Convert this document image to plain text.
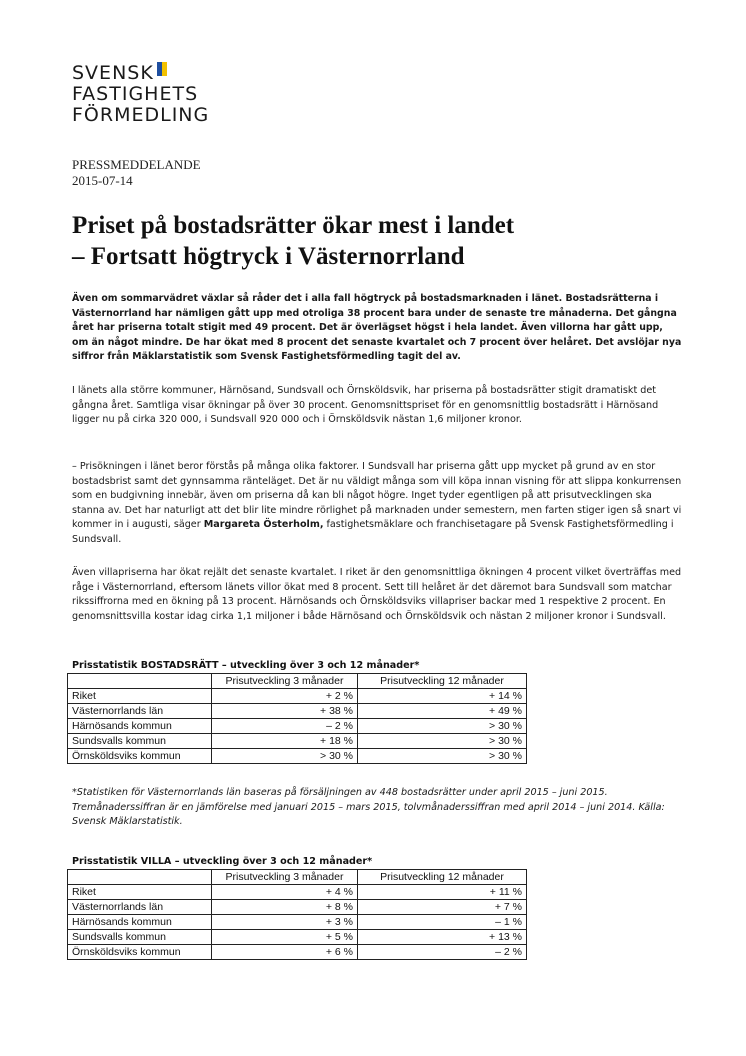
SVENSK
FASTIGHETS
FÖRMEDLING
PRESSMEDDELANDE
2015-07-14
Priset på bostadsrätter ökar mest i landet
– Fortsatt högtryck i Västernorrland

Även om sommarvädret växlar så råder det i alla fall högtryck på bostadsmarknaden i länet. Bostadsrätterna i Västernorrland har nämligen gått upp med otroliga 38 procent bara under de senaste tre månaderna. Det gångna året har priserna totalt stigit med 49 procent. Det är överlägset högst i hela landet. Även villorna har gått upp, om än något mindre. De har ökat med 8 procent det senaste kvartalet och 7 procent över helåret. Det avslöjar nya siffror från Mäklarstatistik som Svensk Fastighetsförmedling tagit del av.

I länets alla större kommuner, Härnösand, Sundsvall och Örnsköldsvik, har priserna på bostadsrätter stigit dramatiskt det gångna året. Samtliga visar ökningar på över 30 procent. Genomsnittspriset för en genomsnittlig bostadsrätt i Härnösand ligger nu på cirka 320 000, i Sundsvall 920 000 och i Örnsköldsvik nästan 1,6 miljoner kronor.

– Prisökningen i länet beror förstås på många olika faktorer. I Sundsvall har priserna gått upp mycket på grund av en stor bostadsbrist samt det gynnsamma ränteläget. Det är nu väldigt många som vill köpa innan visning för att slippa konkurrensen som en budgivning innebär, även om priserna då kan bli något högre. Inget tyder egentligen på att prisutvecklingen ska stanna av. Det har naturligt att det blir lite mindre rörlighet på marknaden under semestern, men farten stiger igen så snart vi kommer in i augusti, säger Margareta Österholm, fastighetsmäklare och franchisetagare på Svensk Fastighetsförmedling i Sundsvall.

Även villapriserna har ökat rejält det senaste kvartalet. I riket är den genomsnittliga ökningen 4 procent vilket överträffas med råge i Västernorrland, eftersom länets villor ökat med 8 procent. Sett till helåret är det däremot bara Sundsvall som matchar rikssiffrorna med en ökning på 13 procent. Härnösands och Örnsköldsviks villapriser backar med 1 respektive 2 procent. En genomsnittsvilla kostar idag cirka 1,1 miljoner i både Härnösand och Örnsköldsvik och nästan 2 miljoner kronor i Sundsvall.

Prisstatistik BOSTADSRÄTT – utveckling över 3 och 12 månader*

	Prisutveckling 3 månader	Prisutveckling 12 månader
Riket	+ 2 %	+ 14 %
Västernorrlands län	+ 38 %	+ 49 %
Härnösands kommun	– 2 %	> 30 %
Sundsvalls kommun	+ 18 %	> 30 %
Örnsköldsviks kommun	> 30 %	> 30 %

*Statistiken för Västernorrlands län baseras på försäljningen av 448 bostadsrätter under april 2015 – juni 2015. Tremånaderssiffran är en jämförelse med januari 2015 – mars 2015, tolvmånaderssiffran med april 2014 – juni 2014. Källa: Svensk Mäklarstatistik.

Prisstatistik VILLA – utveckling över 3 och 12 månader*

	Prisutveckling 3 månader	Prisutveckling 12 månader
Riket	+ 4 %	+ 11 %
Västernorrlands län	+ 8 %	+ 7 %
Härnösands kommun	+ 3 %	– 1 %
Sundsvalls kommun	+ 5 %	+ 13 %
Örnsköldsviks kommun	+ 6 %	– 2 %
